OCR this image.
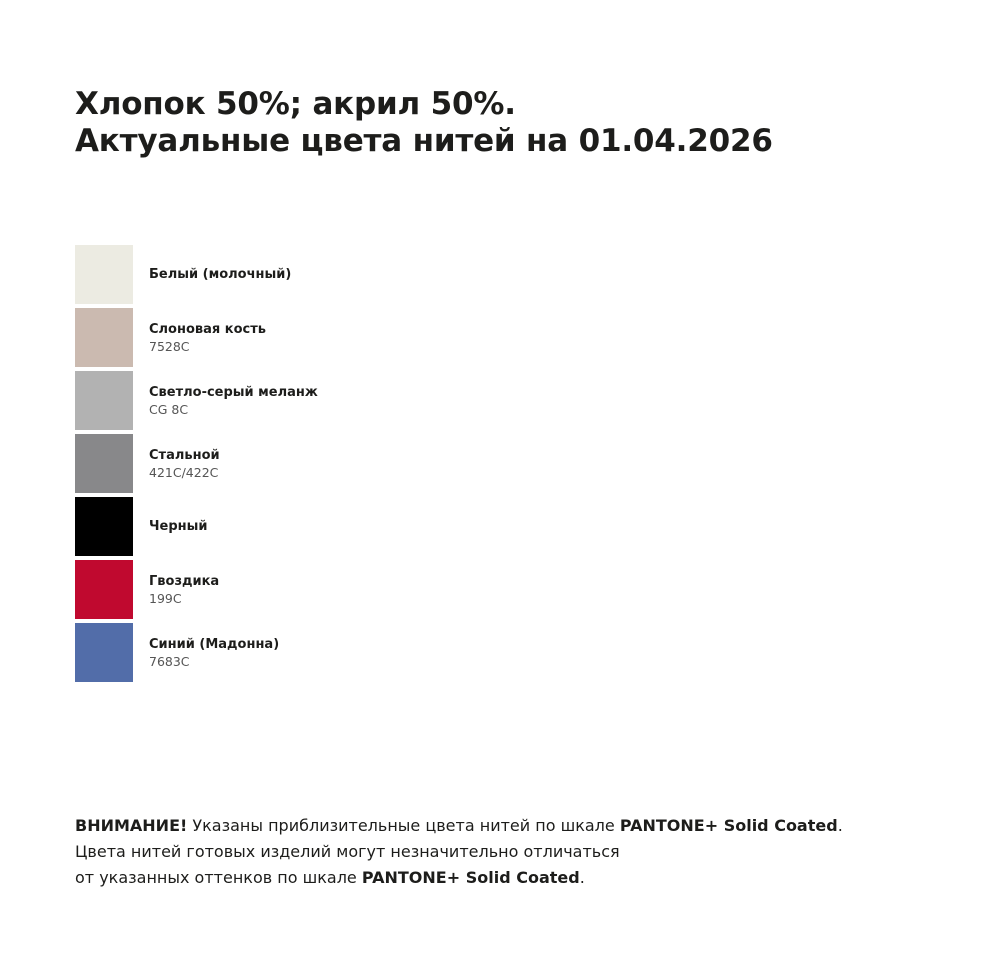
Хлопок 50%; акрил 50%.
Актуальные цвета нитей на 01.04.2026
Белый (молочный)
Слоновая кость
7528C
Светло-серый меланж
CG 8C
Стальной
421C/422C
Черный
Гвоздика
199C
Синий (Мадонна)
7683C

ВНИМАНИЕ! Указаны приблизительные цвета нитей по шкале PANTONE+ Solid Coated.
Цвета нитей готовых изделий могут незначительно отличаться
от указанных оттенков по шкале PANTONE+ Solid Coated.
